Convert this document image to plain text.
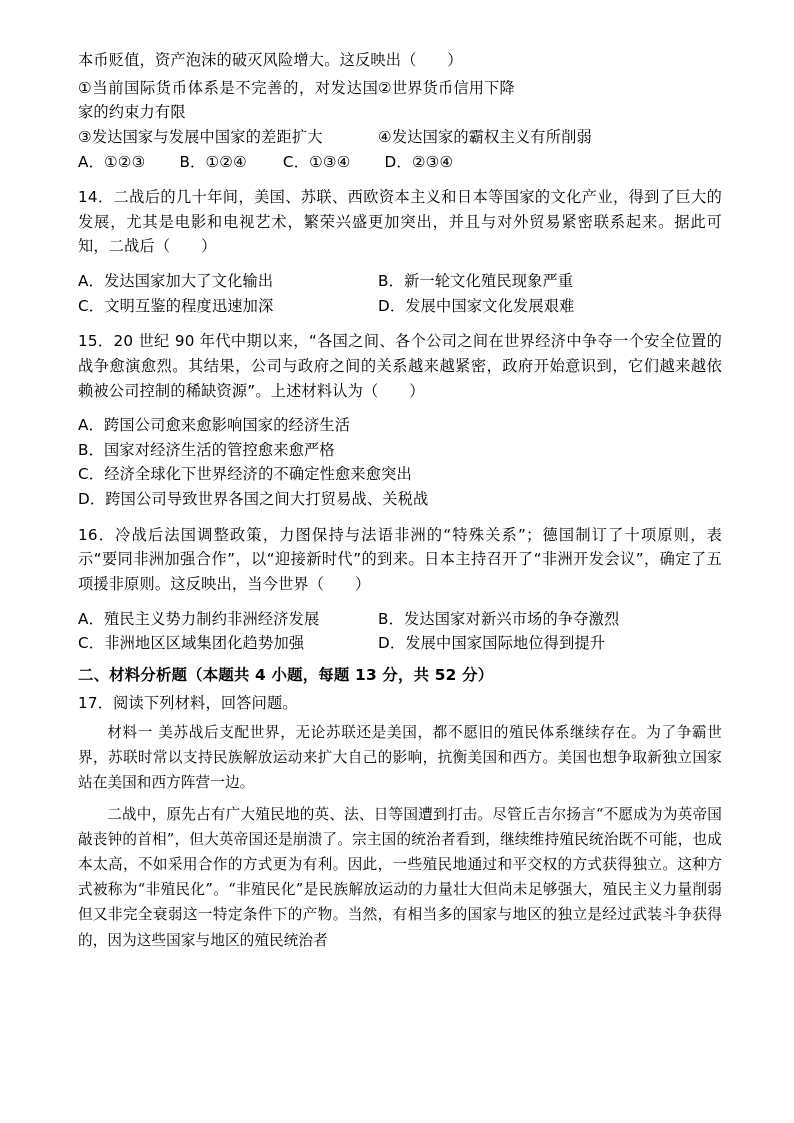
本币贬值，资产泡沫的破灭风险增大。这反映出（　　）

①当前国际货币体系是不完善的，对发达国家的约束力有限
②世界货币信用下降
③发达国家与发展中国家的差距扩大	④发达国家的霸权主义有所削弱
A．①②③ B．①②④ C．①③④ D．②③④

14．二战后的几十年间，美国、苏联、西欧资本主义和日本等国家的文化产业，得到了巨大的发展，尤其是电影和电视艺术，繁荣兴盛更加突出，并且与对外贸易紧密联系起来。据此可知，二战后（　　）

A．发达国家加大了文化输出	B．新一轮文化殖民现象严重
C．文明互鉴的程度迅速加深	D．发展中国家文化发展艰难

15．20 世纪 90 年代中期以来，“各国之间、各个公司之间在世界经济中争夺一个安全位置的战争愈演愈烈。其结果，公司与政府之间的关系越来越紧密，政府开始意识到，它们越来越依赖被公司控制的稀缺资源”。上述材料认为（　　）

A．跨国公司愈来愈影响国家的经济生活
B．国家对经济生活的管控愈来愈严格
C．经济全球化下世界经济的不确定性愈来愈突出
D．跨国公司导致世界各国之间大打贸易战、关税战

16．冷战后法国调整政策，力图保持与法语非洲的“特殊关系”；德国制订了十项原则，表示“要同非洲加强合作”，以“迎接新时代”的到来。日本主持召开了“非洲开发会议”，确定了五项援非原则。这反映出，当今世界（　　）

A．殖民主义势力制约非洲经济发展	B．发达国家对新兴市场的争夺激烈
C．非洲地区区域集团化趋势加强	D．发展中国家国际地位得到提升
二、材料分析题（本题共 4 小题，每题 13 分，共 52 分）
17．阅读下列材料，回答问题。

材料一 美苏战后支配世界，无论苏联还是美国，都不愿旧的殖民体系继续存在。为了争霸世界，苏联时常以支持民族解放运动来扩大自己的影响，抗衡美国和西方。美国也想争取新独立国家站在美国和西方阵营一边。

二战中，原先占有广大殖民地的英、法、日等国遭到打击。尽管丘吉尔扬言“不愿成为为英帝国敲丧钟的首相”，但大英帝国还是崩溃了。宗主国的统治者看到，继续维持殖民统治既不可能，也成本太高，不如采用合作的方式更为有利。因此，一些殖民地通过和平交权的方式获得独立。这种方式被称为“非殖民化”。“非殖民化”是民族解放运动的力量壮大但尚未足够强大，殖民主义力量削弱但又非完全衰弱这一特定条件下的产物。当然，有相当多的国家与地区的独立是经过武装斗争获得的，因为这些国家与地区的殖民统治者
